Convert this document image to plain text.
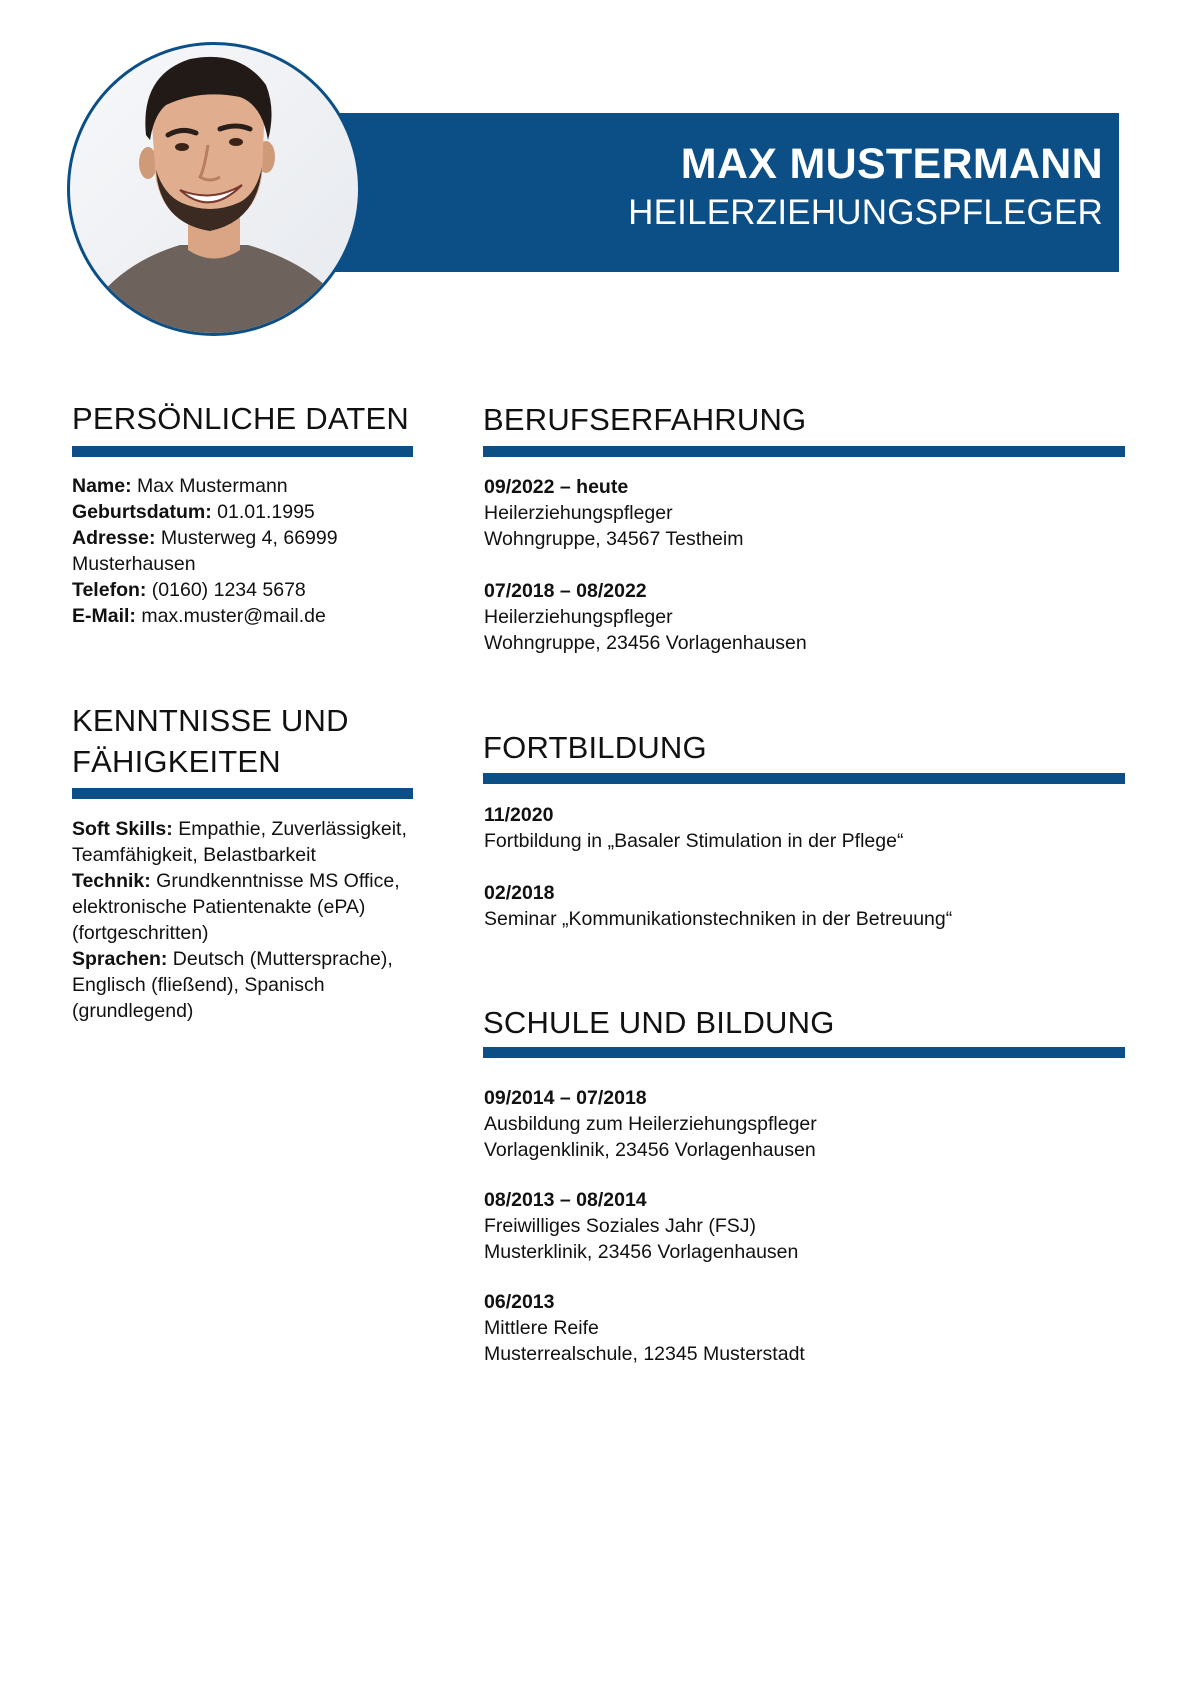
MAX MUSTERMANN
HEILERZIEHUNGSPFLEGER
PERSÖNLICHE DATEN

Name: Max Mustermann

Geburtsdatum: 01.01.1995

Adresse: Musterweg 4, 66999 Musterhausen

Telefon: (0160) 1234 5678

E-Mail: max.muster@mail.de

KENNTNISSE UND
FÄHIGKEITEN

Soft Skills: Empathie, Zuverlässigkeit, Teamfähigkeit, Belastbarkeit

Technik: Grundkenntnisse MS Office, elektronische Patientenakte (ePA) (fortgeschritten)

Sprachen: Deutsch (Muttersprache), Englisch (fließend), Spanisch (grundlegend)

BERUFSERFAHRUNG
09/2022 – heute
Heilerziehungspfleger
Wohngruppe, 34567 Testheim
07/2018 – 08/2022
Heilerziehungspfleger
Wohngruppe, 23456 Vorlagenhausen
FORTBILDUNG
11/2020
Fortbildung in „Basaler Stimulation in der Pflege“
02/2018
Seminar „Kommunikationstechniken in der Betreuung“
SCHULE UND BILDUNG
09/2014 – 07/2018
Ausbildung zum Heilerziehungspfleger
Vorlagenklinik, 23456 Vorlagenhausen
08/2013 – 08/2014
Freiwilliges Soziales Jahr (FSJ)
Musterklinik, 23456 Vorlagenhausen
06/2013
Mittlere Reife
Musterrealschule, 12345 Musterstadt
